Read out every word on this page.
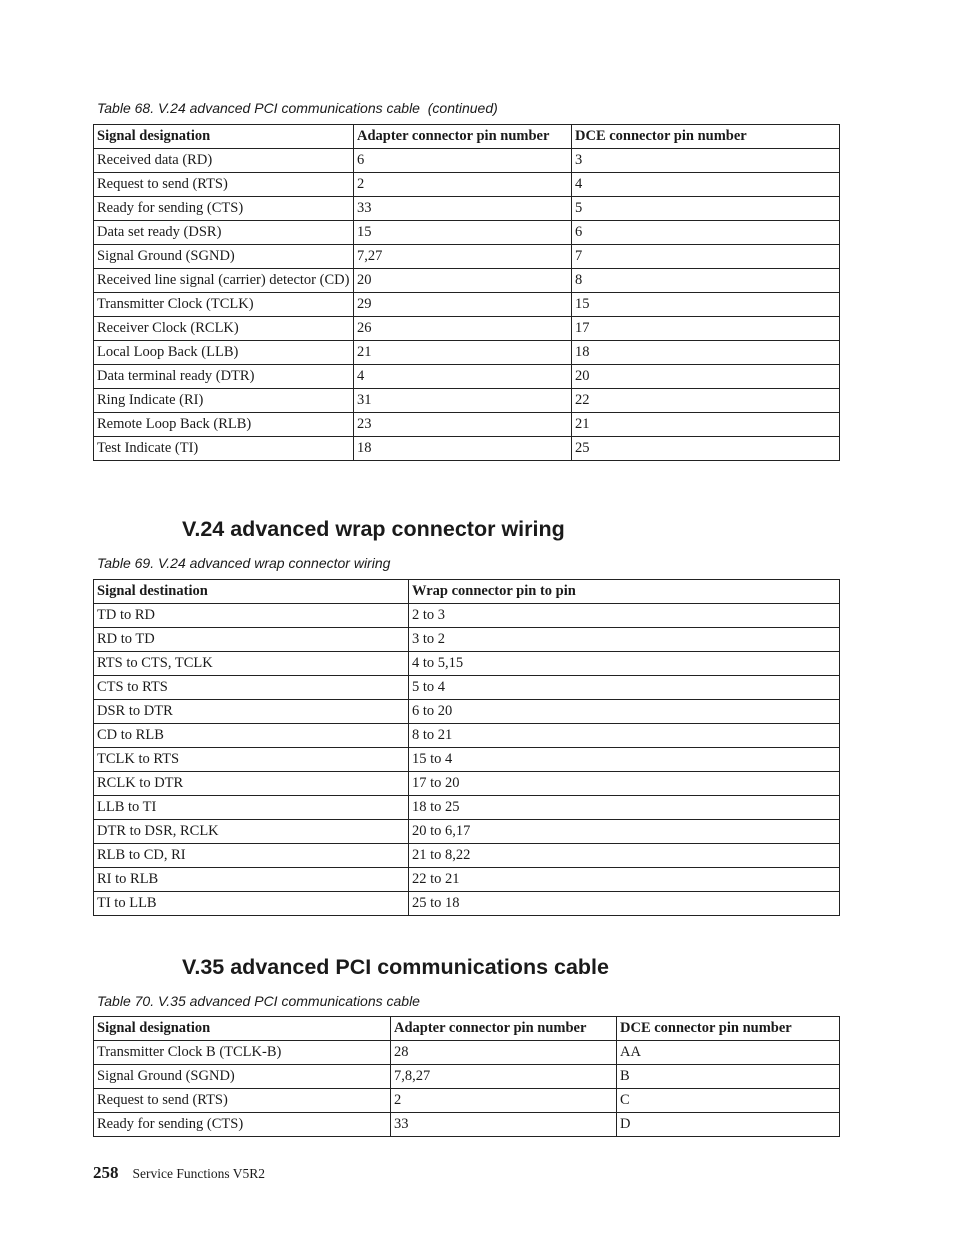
Table 68. V.24 advanced PCI communications cable  (continued)
Signal designation	Adapter connector pin number	DCE connector pin number
Received data (RD)	6	3
Request to send (RTS)	2	4
Ready for sending (CTS)	33	5
Data set ready (DSR)	15	6
Signal Ground (SGND)	7,27	7
Received line signal (carrier) detector (CD)	20	8
Transmitter Clock (TCLK)	29	15
Receiver Clock (RCLK)	26	17
Local Loop Back (LLB)	21	18
Data terminal ready (DTR)	4	20
Ring Indicate (RI)	31	22
Remote Loop Back (RLB)	23	21
Test Indicate (TI)	18	25
V.24 advanced wrap connector wiring
Table 69. V.24 advanced wrap connector wiring
Signal destination	Wrap connector pin to pin
TD to RD	2 to 3
RD to TD	3 to 2
RTS to CTS, TCLK	4 to 5,15
CTS to RTS	5 to 4
DSR to DTR	6 to 20
CD to RLB	8 to 21
TCLK to RTS	15 to 4
RCLK to DTR	17 to 20
LLB to TI	18 to 25
DTR to DSR, RCLK	20 to 6,17
RLB to CD, RI	21 to 8,22
RI to RLB	22 to 21
TI to LLB	25 to 18
V.35 advanced PCI communications cable
Table 70. V.35 advanced PCI communications cable
Signal designation	Adapter connector pin number	DCE connector pin number
Transmitter Clock B (TCLK-B)	28	AA
Signal Ground (SGND)	7,8,27	B
Request to send (RTS)	2	C
Ready for sending (CTS)	33	D
258 Service Functions V5R2
